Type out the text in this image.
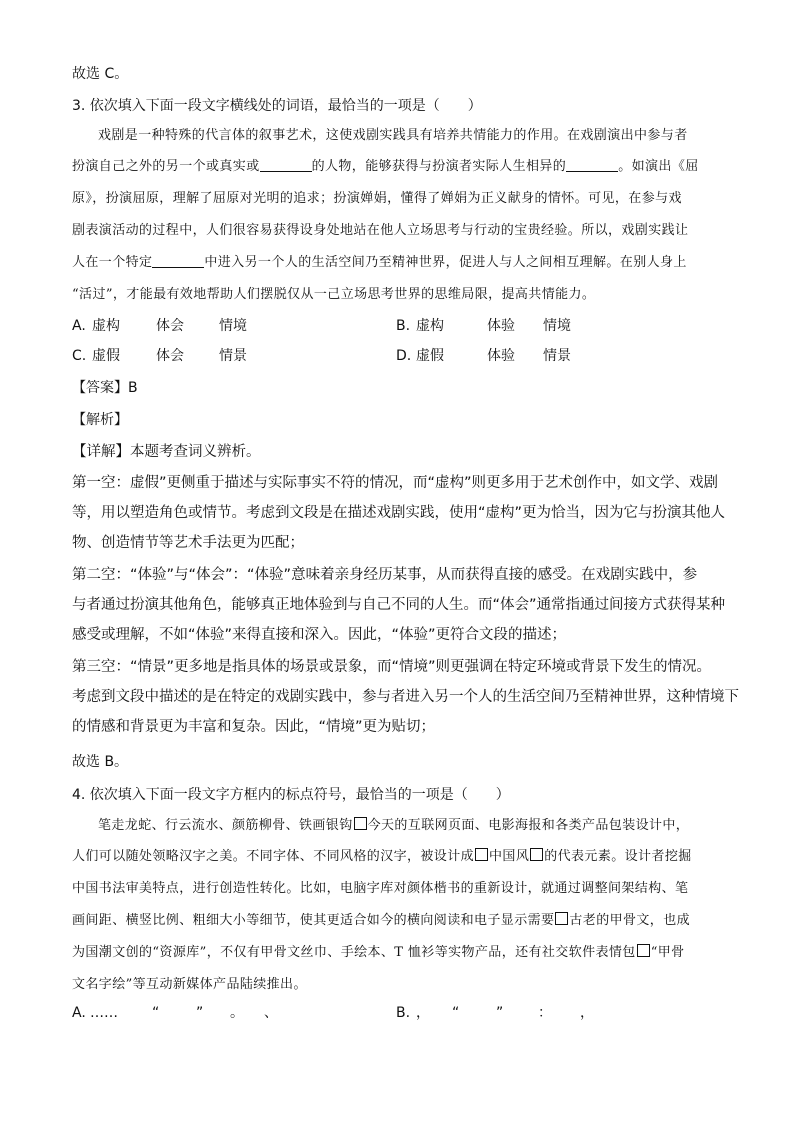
故选 C。
3. 依次填入下面一段文字横线处的词语，最恰当的一项是（　　）
戏剧是一种特殊的代言体的叙事艺术，这使戏剧实践具有培养共情能力的作用。在戏剧演出中参与者
扮演自己之外的另一个或真实或	的人物，能够获得与扮演者实际人生相异的	。如演出《屈
原》，扮演屈原，理解了屈原对光明的追求；扮演婵娟，懂得了婵娟为正义献身的情怀。可见，在参与戏
剧表演活动的过程中，人们很容易获得设身处地站在他人立场思考与行动的宝贵经验。所以，戏剧实践让
人在一个特定	中进入另一个人的生活空间乃至精神世界，促进人与人之间相互理解。在别人身上
“活过”，才能最有效地帮助人们摆脱仅从一己立场思考世界的思维局限，提高共情能力。
A. 虚构	体会	情境	B. 虚构	体验 情境
C. 虚假	体会	情景	D. 虚假	体验 情景
【答案】B
【解析】
【详解】本题考查词义辨析。
第一空：虚假”更侧重于描述与实际事实不符的情况，而“虚构”则更多用于艺术创作中，如文学、戏剧
等，用以塑造角色或情节。考虑到文段是在描述戏剧实践，使用“虚构”更为恰当，因为它与扮演其他人
物、创造情节等艺术手法更为匹配；
第二空：“体验”与“体会”：“体验”意味着亲身经历某事，从而获得直接的感受。在戏剧实践中，参
与者通过扮演其他角色，能够真正地体验到与自己不同的人生。而“体会”通常指通过间接方式获得某种
感受或理解，不如“体验”来得直接和深入。因此，“体验”更符合文段的描述；
第三空：“情景”更多地是指具体的场景或景象，而“情境”则更强调在特定环境或背景下发生的情况。
考虑到文段中描述的是在特定的戏剧实践中，参与者进入另一个人的生活空间乃至精神世界，这种情境下
的情感和背景更为丰富和复杂。因此，“情境”更为贴切；
故选 B。
4. 依次填入下面一段文字方框内的标点符号，最恰当的一项是（　　）
笔走龙蛇、行云流水、颜筋柳骨、铁画银钩 今天的互联网页面、电影海报和各类产品包装设计中，
人们可以随处领略汉字之美。不同字体、不同风格的汉字，被设计成 中国风 的代表元素。设计者挖掘
中国书法审美特点，进行创造性转化。比如，电脑字库对颜体楷书的重新设计，就通过调整间架结构、笔
画间距、横竖比例、粗细大小等细节，使其更适合如今的横向阅读和电子显示需要 古老的甲骨文，也成
为国潮文创的“资源库”，不仅有甲骨文丝巾、手绘本、T 恤衫等实物产品，还有社交软件表情包 “甲骨
文名字绘”等互动新媒体产品陆续推出。
A. …… “	” 。 、	B. ， “	” ： ，
